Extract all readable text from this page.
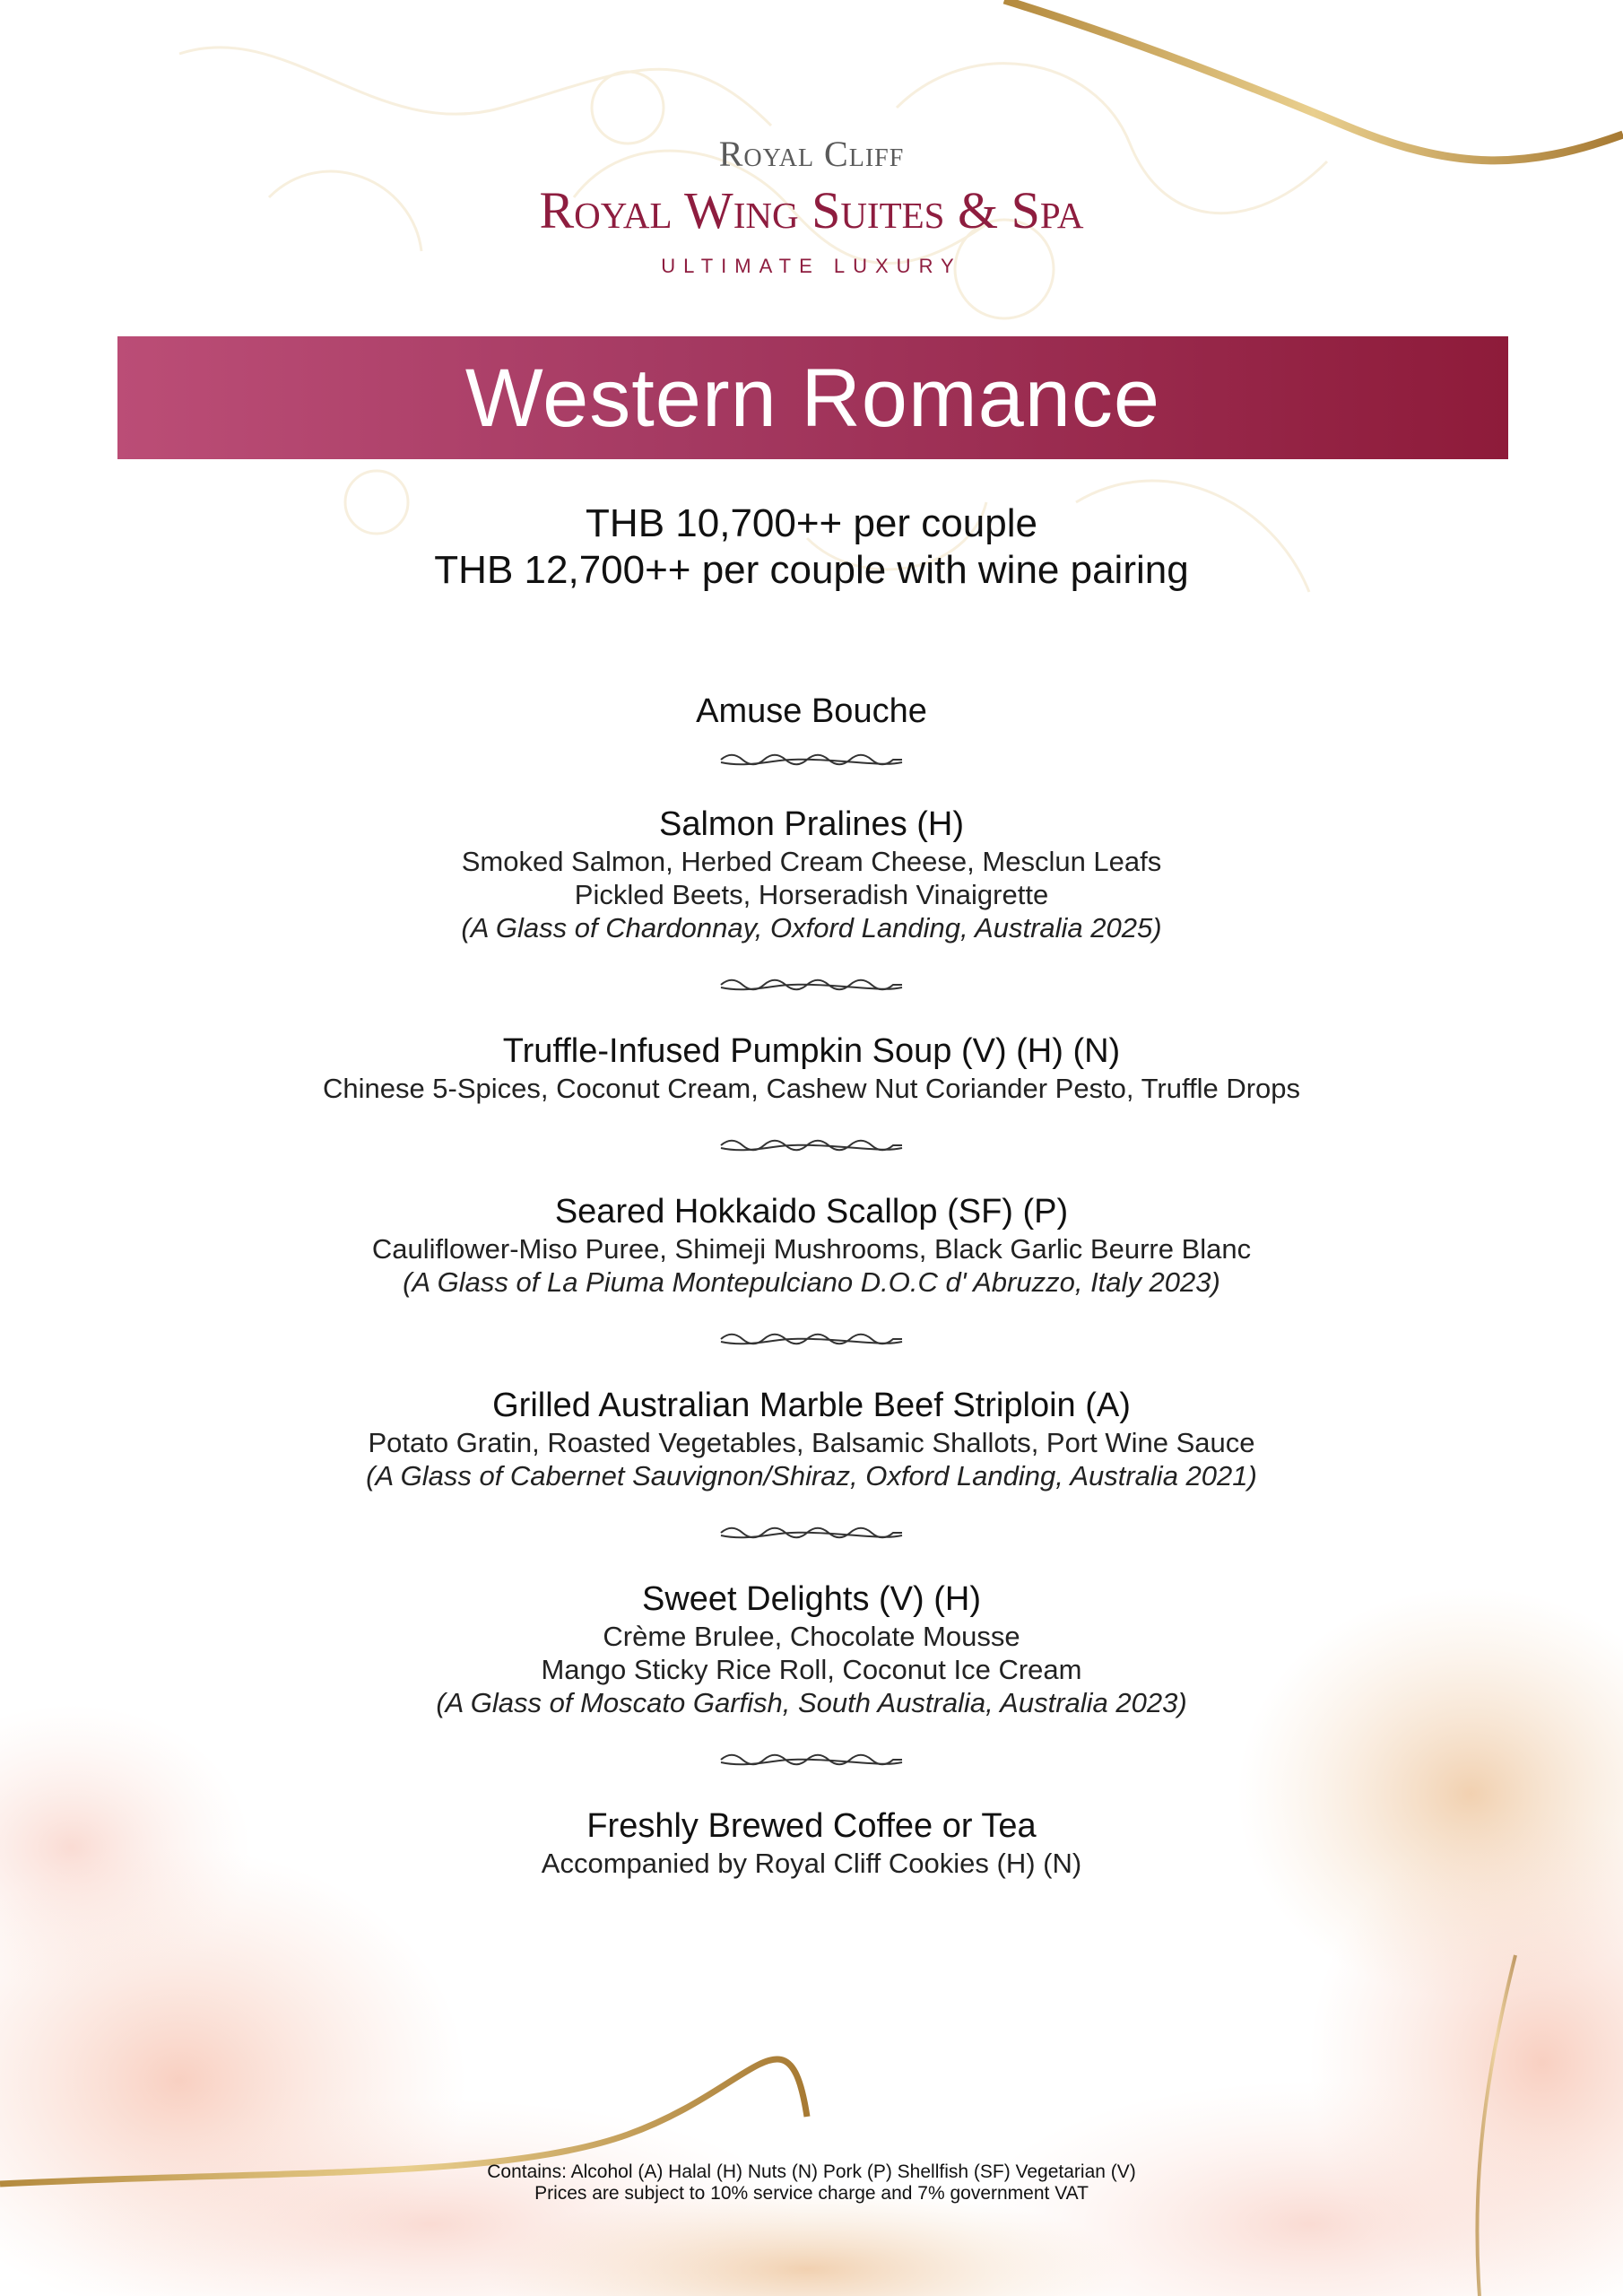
Royal Cliff
Royal Wing Suites & Spa
ULTIMATE LUXURY
Western Romance
THB 10,700++ per couple
THB 12,700++ per couple with wine pairing
Amuse Bouche
Salmon Pralines (H)
Smoked Salmon, Herbed Cream Cheese, Mesclun Leafs
Pickled Beets, Horseradish Vinaigrette
(A Glass of Chardonnay, Oxford Landing, Australia 2025)
Truffle-Infused Pumpkin Soup (V) (H) (N)
Chinese 5-Spices, Coconut Cream, Cashew Nut Coriander Pesto, Truffle Drops
Seared Hokkaido Scallop (SF) (P)
Cauliflower-Miso Puree, Shimeji Mushrooms, Black Garlic Beurre Blanc
(A Glass of La Piuma Montepulciano D.O.C d' Abruzzo, Italy 2023)
Grilled Australian Marble Beef Striploin (A)
Potato Gratin, Roasted Vegetables, Balsamic Shallots, Port Wine Sauce
(A Glass of Cabernet Sauvignon/Shiraz, Oxford Landing, Australia 2021)
Sweet Delights (V) (H)
Crème Brulee, Chocolate Mousse
Mango Sticky Rice Roll, Coconut Ice Cream
(A Glass of Moscato Garfish, South Australia, Australia 2023)
Freshly Brewed Coffee or Tea
Accompanied by Royal Cliff Cookies (H) (N)
Contains: Alcohol (A) Halal (H) Nuts (N) Pork (P) Shellfish (SF) Vegetarian (V)
Prices are subject to 10% service charge and 7% government VAT
